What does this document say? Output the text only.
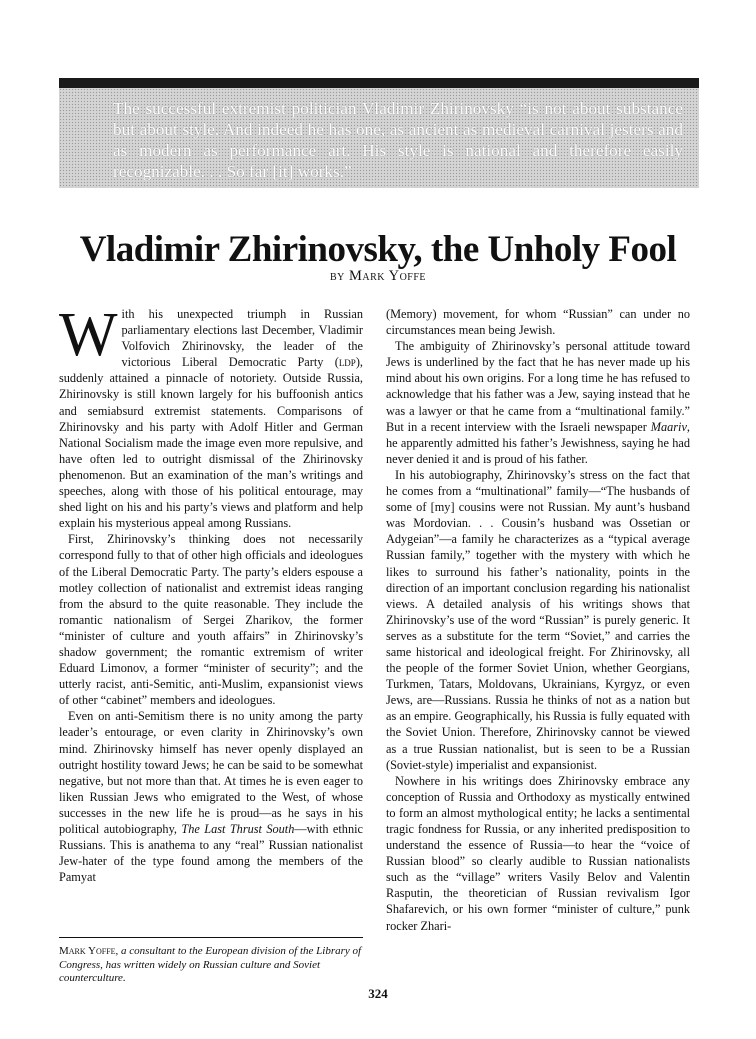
The successful extremist politician Vladimir Zhirinovsky “is not about substance but about style. And indeed he has one, as ancient as medieval carnival jesters and as modern as performance art. His style is national and therefore easily recognizable. . . So far [it] works.”

Vladimir Zhirinovsky, the Unholy Fool
by Mark Yoffe

With his unexpected triumph in Russian parliamentary elections last December, Vladimir Volfovich Zhirinovsky, the leader of the victorious Liberal Democratic Party (ldp), suddenly attained a pinnacle of notoriety. Outside Russia, Zhirinovsky is still known largely for his buffoonish antics and semiabsurd extremist statements. Comparisons of Zhirinovsky and his party with Adolf Hitler and German National Socialism made the image even more repulsive, and have often led to outright dismissal of the Zhirinovsky phenomenon. But an examination of the man’s writings and speeches, along with those of his political entourage, may shed light on his and his party’s views and platform and help explain his mysterious appeal among Russians.

First, Zhirinovsky’s thinking does not necessarily correspond fully to that of other high officials and ideologues of the Liberal Democratic Party. The party’s elders espouse a motley collection of nationalist and extremist ideas ranging from the absurd to the quite reasonable. They include the romantic nationalism of Sergei Zharikov, the former “minister of culture and youth affairs” in Zhirinovsky’s shadow government; the romantic extremism of writer Eduard Limonov, a former “minister of security”; and the utterly racist, anti-Semitic, anti-Muslim, expansionist views of other “cabinet” members and ideologues.

Even on anti-Semitism there is no unity among the party leader’s entourage, or even clarity in Zhirinovsky’s own mind. Zhirinovsky himself has never openly displayed an outright hostility toward Jews; he can be said to be somewhat negative, but not more than that. At times he is even eager to liken Russian Jews who emigrated to the West, of whose successes in the new life he is proud—as he says in his political autobiography, The Last Thrust South—with ethnic Russians. This is anathema to any “real” Russian nationalist Jew-hater of the type found among the members of the Pamyat

(Memory) movement, for whom “Russian” can under no circumstances mean being Jewish.

The ambiguity of Zhirinovsky’s personal attitude toward Jews is underlined by the fact that he has never made up his mind about his own origins. For a long time he has refused to acknowledge that his father was a Jew, saying instead that he was a lawyer or that he came from a “multinational family.” But in a recent interview with the Israeli newspaper Maariv, he apparently admitted his father’s Jewishness, saying he had never denied it and is proud of his father.

In his autobiography, Zhirinovsky’s stress on the fact that he comes from a “multinational” family—“The husbands of some of [my] cousins were not Russian. My aunt’s husband was Mordovian. . . Cousin’s husband was Ossetian or Adygeian”—a family he characterizes as a “typical average Russian family,” together with the mystery with which he likes to surround his father’s nationality, points in the direction of an important conclusion regarding his nationalist views. A detailed analysis of his writings shows that Zhirinovsky’s use of the word “Russian” is purely generic. It serves as a substitute for the term “Soviet,” and carries the same historical and ideological freight. For Zhirinovsky, all the people of the former Soviet Union, whether Georgians, Turkmen, Tatars, Moldovans, Ukrainians, Kyrgyz, or even Jews, are—Russians. Russia he thinks of not as a nation but as an empire. Geographically, his Russia is fully equated with the Soviet Union. Therefore, Zhirinovsky cannot be viewed as a true Russian nationalist, but is seen to be a Russian (Soviet-style) imperialist and expansionist.

Nowhere in his writings does Zhirinovsky embrace any conception of Russia and Orthodoxy as mystically entwined to form an almost mythological entity; he lacks a sentimental tragic fondness for Russia, or any inherited predisposition to understand the essence of Russia—to hear the “voice of Russian blood” so clearly audible to Russian nationalists such as the “village” writers Vasily Belov and Valentin Rasputin, the theoretician of Russian revivalism Igor Shafarevich, or his own former “minister of culture,” punk rocker Zhari-

Mark Yoffe, a consultant to the European division of the Library of Congress, has written widely on Russian culture and Soviet counterculture.
324
